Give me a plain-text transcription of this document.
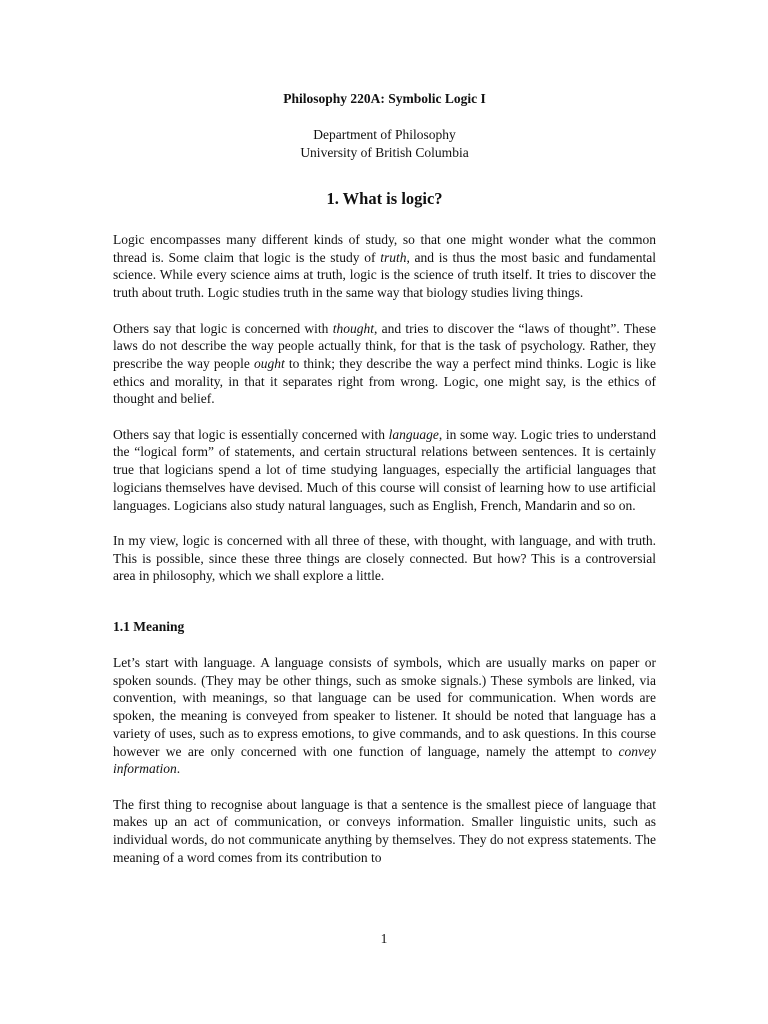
Philosophy 220A: Symbolic Logic I

Department of Philosophy

University of British Columbia

1. What is logic?

Logic encompasses many different kinds of study, so that one might wonder what the common thread is. Some claim that logic is the study of truth, and is thus the most basic and fundamental science. While every science aims at truth, logic is the science of truth itself. It tries to discover the truth about truth. Logic studies truth in the same way that biology studies living things.

Others say that logic is concerned with thought, and tries to discover the “laws of thought”. These laws do not describe the way people actually think, for that is the task of psychology. Rather, they prescribe the way people ought to think; they describe the way a perfect mind thinks. Logic is like ethics and morality, in that it separates right from wrong. Logic, one might say, is the ethics of thought and belief.

Others say that logic is essentially concerned with language, in some way. Logic tries to understand the “logical form” of statements, and certain structural relations between sentences. It is certainly true that logicians spend a lot of time studying languages, especially the artificial languages that logicians themselves have devised. Much of this course will consist of learning how to use artificial languages. Logicians also study natural languages, such as English, French, Mandarin and so on.

In my view, logic is concerned with all three of these, with thought, with language, and with truth. This is possible, since these three things are closely connected. But how? This is a controversial area in philosophy, which we shall explore a little.

1.1 Meaning

Let’s start with language. A language consists of symbols, which are usually marks on paper or spoken sounds. (They may be other things, such as smoke signals.) These symbols are linked, via convention, with meanings, so that language can be used for communication. When words are spoken, the meaning is conveyed from speaker to listener. It should be noted that language has a variety of uses, such as to express emotions, to give commands, and to ask questions. In this course however we are only concerned with one function of language, namely the attempt to convey information.

The first thing to recognise about language is that a sentence is the smallest piece of language that makes up an act of communication, or conveys information. Smaller linguistic units, such as individual words, do not communicate anything by themselves. They do not express statements. The meaning of a word comes from its contribution to

1
